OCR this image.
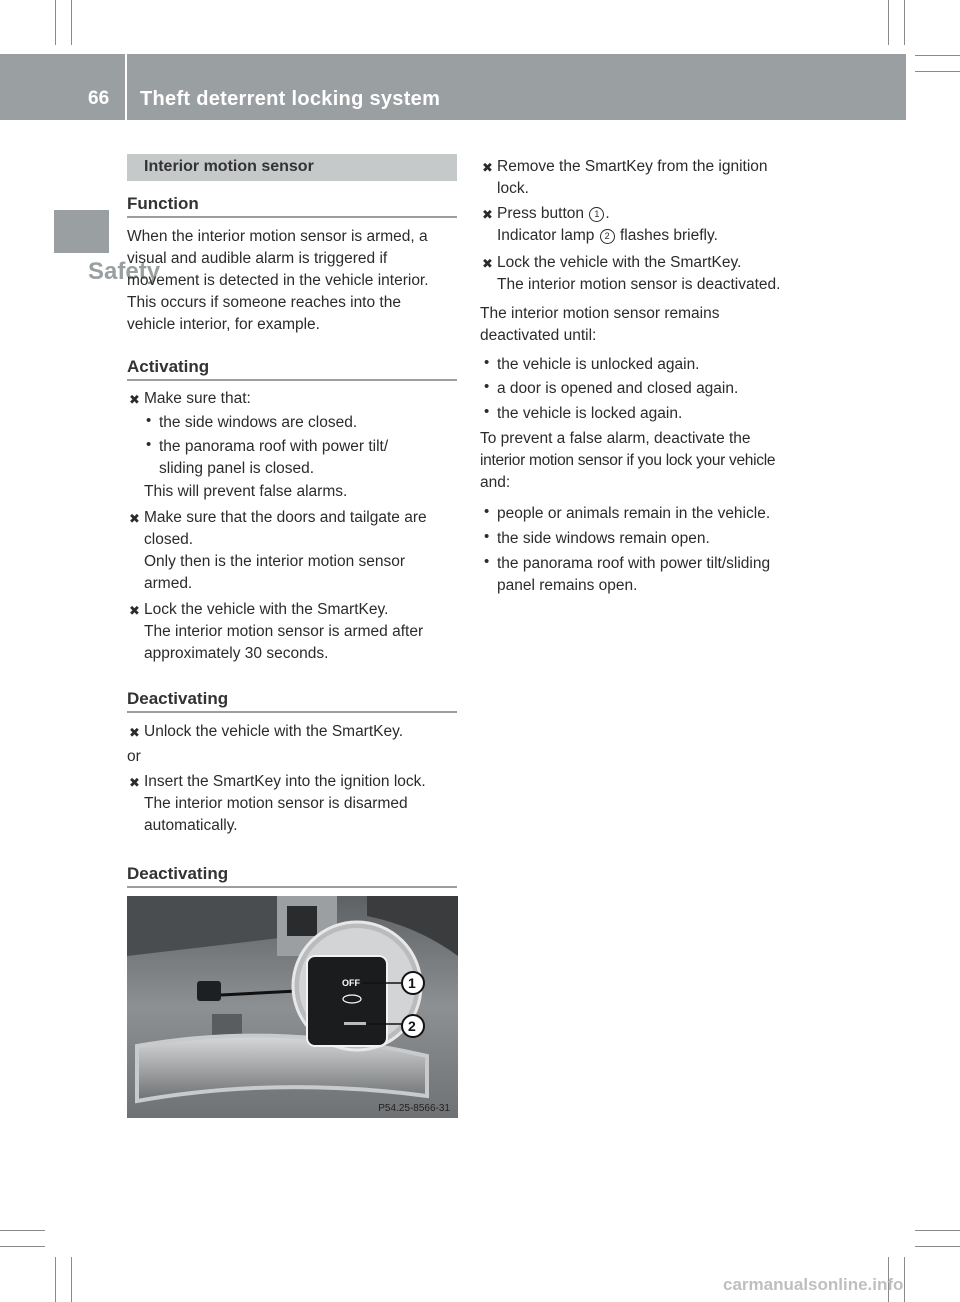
66 Theft deterrent locking system
Safety
Interior motion sensor
Function
When the interior motion sensor is armed, a
visual and audible alarm is triggered if
movement is detected in the vehicle interior.
This occurs if someone reaches into the
vehicle interior, for example.
Activating
✖ Make sure that:
• the side windows are closed.
• the panorama roof with power tilt/
sliding panel is closed.
This will prevent false alarms.
✖ Make sure that the doors and tailgate are
closed.
Only then is the interior motion sensor
armed.
✖ Lock the vehicle with the SmartKey.
The interior motion sensor is armed after
approximately 30 seconds.
Deactivating
✖ Unlock the vehicle with the SmartKey.
or
✖ Insert the SmartKey into the ignition lock.
The interior motion sensor is disarmed
automatically.
Deactivating
OFF	1
2
P54.25-8566-31
✖ Remove the SmartKey from the ignition
lock.
✖ Press button 1 .
Indicator lamp 2 flashes briefly.
✖ Lock the vehicle with the SmartKey.
The interior motion sensor is deactivated.
The interior motion sensor remains
deactivated until:
• the vehicle is unlocked again.
• a door is opened and closed again.
• the vehicle is locked again.
To prevent a false alarm, deactivate the
interior motion sensor if you lock your vehicle
and:
• people or animals remain in the vehicle.
• the side windows remain open.
• the panorama roof with power tilt/sliding
panel remains open.
carmanualsonline.info
